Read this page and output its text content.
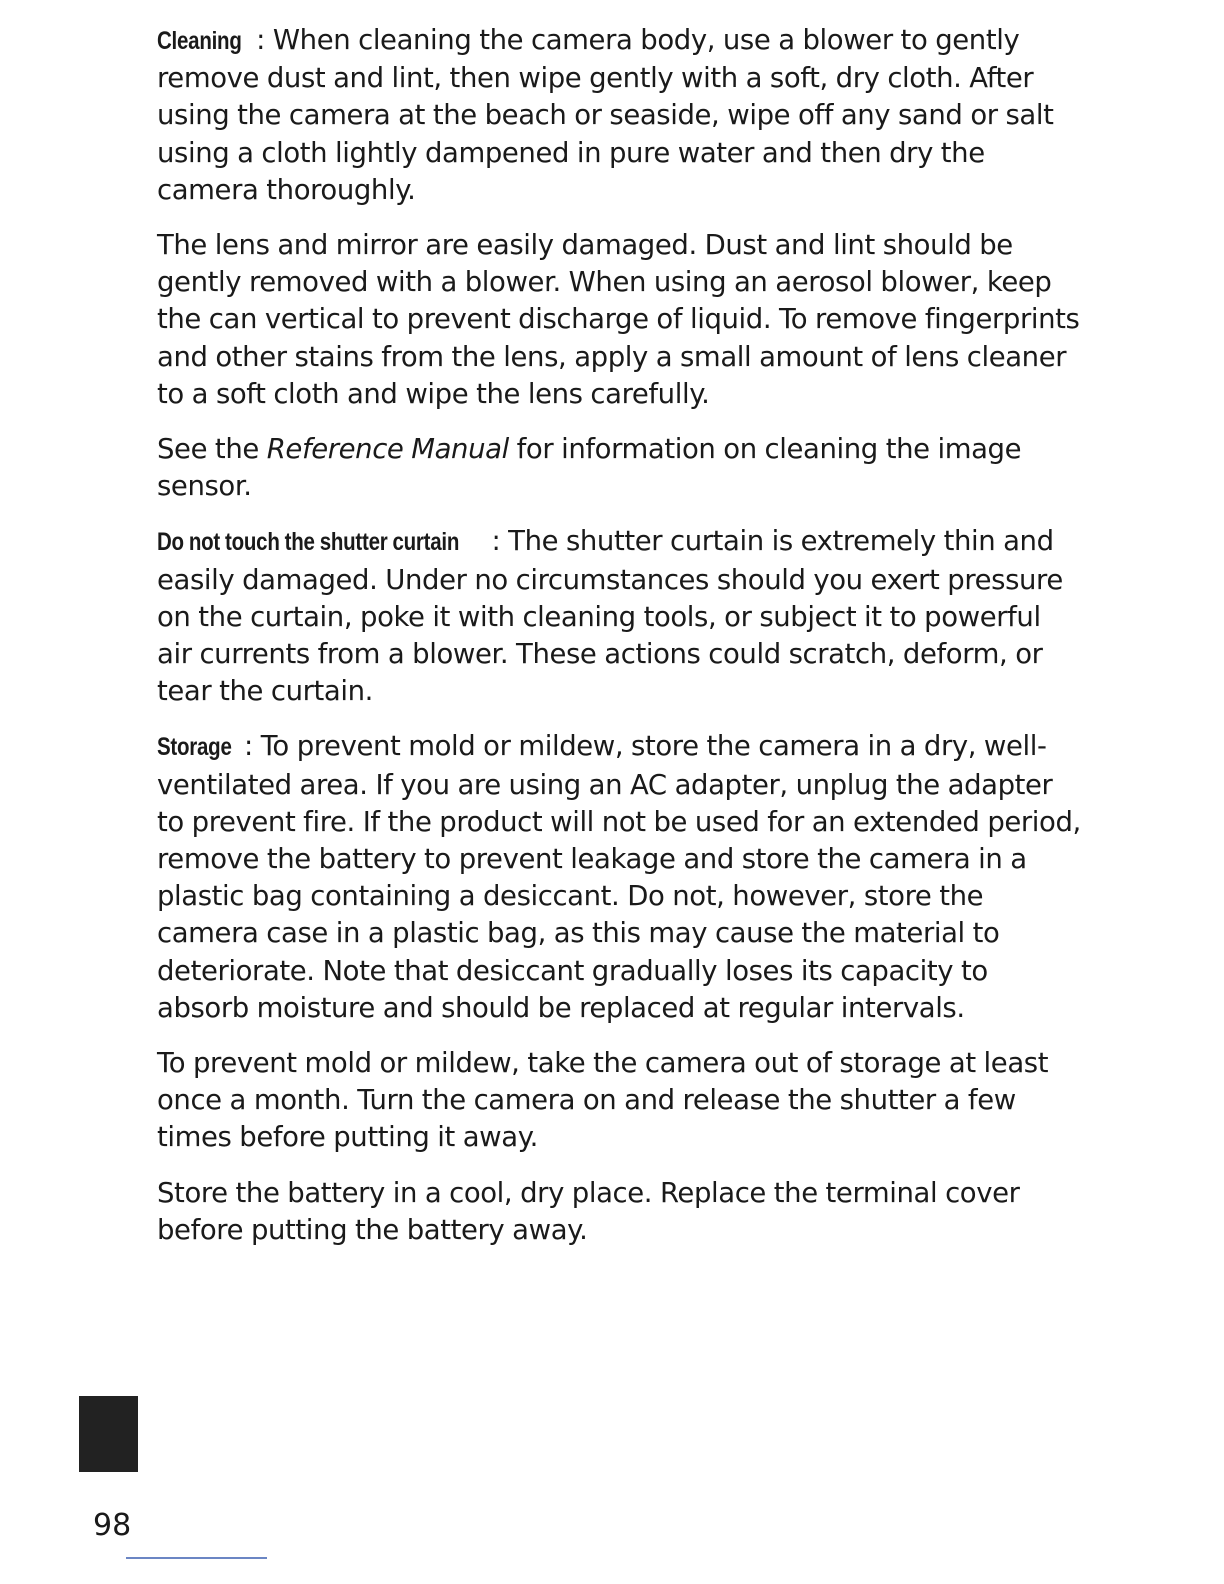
Cleaning : When cleaning the camera body, use a blower to gently remove dust and lint, then wipe gently with a soft, dry cloth. After using the camera at the beach or seaside, wipe off any sand or salt using a cloth lightly dampened in pure water and then dry the camera thoroughly.

The lens and mirror are easily damaged. Dust and lint should be gently removed with a blower. When using an aerosol blower, keep the can vertical to prevent discharge of liquid. To remove fingerprints and other stains from the lens, apply a small amount of lens cleaner to a soft cloth and wipe the lens carefully.

See the Reference Manual for information on cleaning the image sensor.

Do not touch the shutter curtain : The shutter curtain is extremely thin and easily damaged. Under no circumstances should you exert pressure on the curtain, poke it with cleaning tools, or subject it to powerful air currents from a blower. These actions could scratch, deform, or tear the curtain.

Storage : To prevent mold or mildew, store the camera in a dry, well-ventilated area. If you are using an AC adapter, unplug the adapter to prevent fire. If the product will not be used for an extended period, remove the battery to prevent leakage and store the camera in a plastic bag containing a desiccant. Do not, however, store the camera case in a plastic bag, as this may cause the material to deteriorate. Note that desiccant gradually loses its capacity to absorb moisture and should be replaced at regular intervals.

To prevent mold or mildew, take the camera out of storage at least once a month. Turn the camera on and release the shutter a few times before putting it away.

Store the battery in a cool, dry place. Replace the terminal cover before putting the battery away.

98
